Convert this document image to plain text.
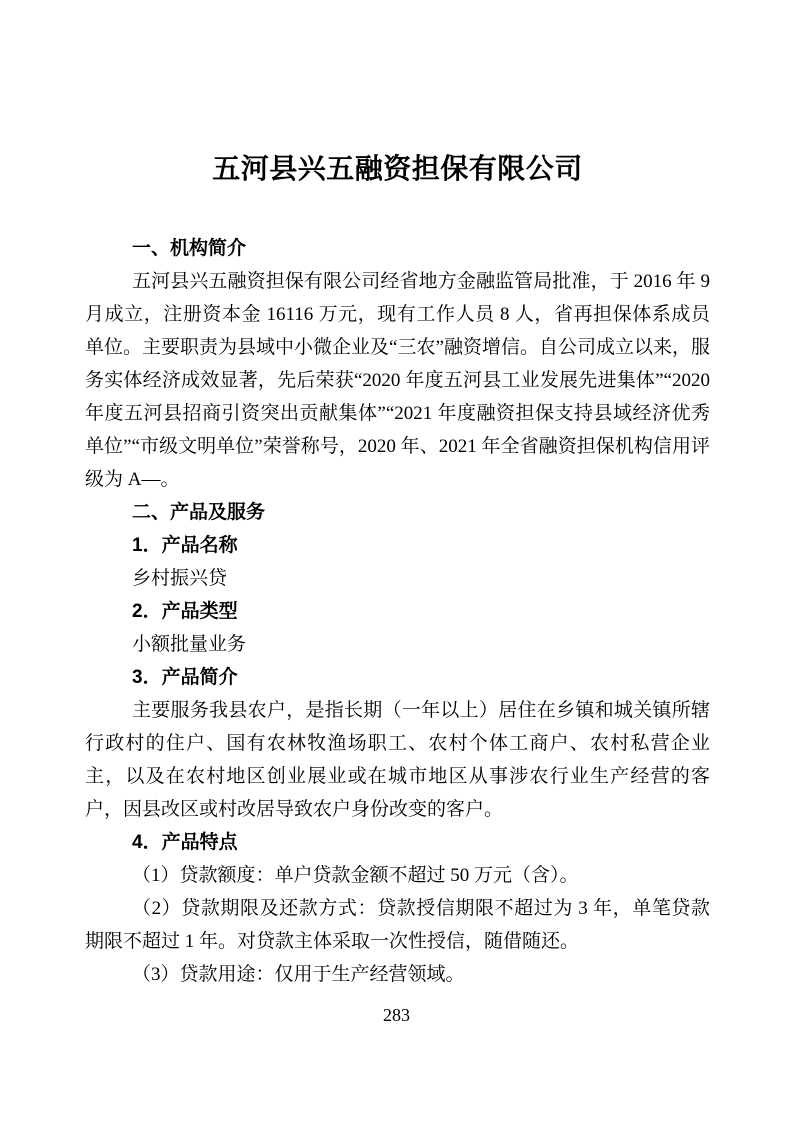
五河县兴五融资担保有限公司
一、机构简介

五河县兴五融资担保有限公司经省地方金融监管局批准，于 2016 年 9 月成立，注册资本金 16116 万元，现有工作人员 8 人，省再担保体系成员单位。主要职责为县域中小微企业及“三农”融资增信。自公司成立以来，服务实体经济成效显著，先后荣获“2020 年度五河县工业发展先进集体”“2020 年度五河县招商引资突出贡献集体”“2021 年度融资担保支持县域经济优秀单位”“市级文明单位”荣誉称号，2020 年、2021 年全省融资担保机构信用评级为 A—。

二、产品及服务
1．产品名称

乡村振兴贷

2．产品类型

小额批量业务

3．产品简介

主要服务我县农户，是指长期（一年以上）居住在乡镇和城关镇所辖行政村的住户、国有农林牧渔场职工、农村个体工商户、农村私营企业主，以及在农村地区创业展业或在城市地区从事涉农行业生产经营的客户，因县改区或村改居导致农户身份改变的客户。

4．产品特点

（1）贷款额度：单户贷款金额不超过 50 万元（含）。

（2）贷款期限及还款方式：贷款授信期限不超过为 3 年，单笔贷款期限不超过 1 年。对贷款主体采取一次性授信，随借随还。

（3）贷款用途：仅用于生产经营领域。

283
